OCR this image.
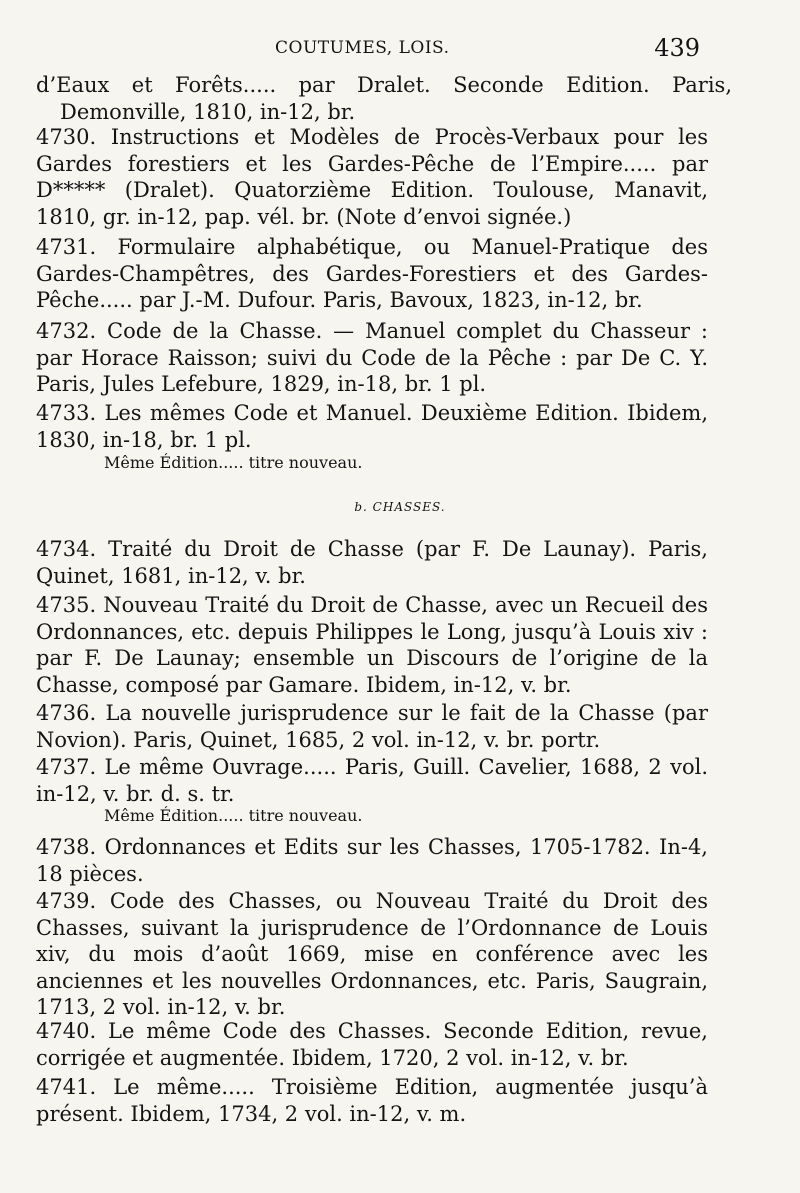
COUTUMES, LOIS.	439
d’Eaux et Forêts..... par Dralet. Seconde Edition. Paris, Demonville, 1810, in-12, br.
4730. Instructions et Modèles de Procès-Verbaux pour les Gardes forestiers et les Gardes-Pêche de l’Empire..... par D***** (Dralet). Quatorzième Edition. Toulouse, Manavit, 1810, gr. in-12, pap. vél. br. (Note d’envoi signée.)
4731. Formulaire alphabétique, ou Manuel-Pratique des Gardes-Champêtres, des Gardes-Forestiers et des Gardes-Pêche..... par J.-M. Dufour. Paris, Bavoux, 1823, in-12, br.
4732. Code de la Chasse. — Manuel complet du Chasseur : par Horace Raisson; suivi du Code de la Pêche : par De C. Y. Paris, Jules Lefebure, 1829, in-18, br. 1 pl.
4733. Les mêmes Code et Manuel. Deuxième Edition. Ibidem, 1830, in-18, br. 1 pl.
Même Édition..... titre nouveau.
b. CHASSES.
4734. Traité du Droit de Chasse (par F. De Launay). Paris, Quinet, 1681, in-12, v. br.
4735. Nouveau Traité du Droit de Chasse, avec un Recueil des Ordonnances, etc. depuis Philippes le Long, jusqu’à Louis xiv : par F. De Launay; ensemble un Discours de l’origine de la Chasse, composé par Gamare. Ibidem, in-12, v. br.
4736. La nouvelle jurisprudence sur le fait de la Chasse (par Novion). Paris, Quinet, 1685, 2 vol. in-12, v. br. portr.
4737. Le même Ouvrage..... Paris, Guill. Cavelier, 1688, 2 vol. in-12, v. br. d. s. tr.
Même Édition..... titre nouveau.
4738. Ordonnances et Edits sur les Chasses, 1705-1782. In-4, 18 pièces.
4739. Code des Chasses, ou Nouveau Traité du Droit des Chasses, suivant la jurisprudence de l’Ordonnance de Louis xiv, du mois d’août 1669, mise en conférence avec les anciennes et les nouvelles Ordonnances, etc. Paris, Saugrain, 1713, 2 vol. in-12, v. br.
4740. Le même Code des Chasses. Seconde Edition, revue, corrigée et augmentée. Ibidem, 1720, 2 vol. in-12, v. br.
4741. Le même..... Troisième Edition, augmentée jusqu’à présent. Ibidem, 1734, 2 vol. in-12, v. m.
